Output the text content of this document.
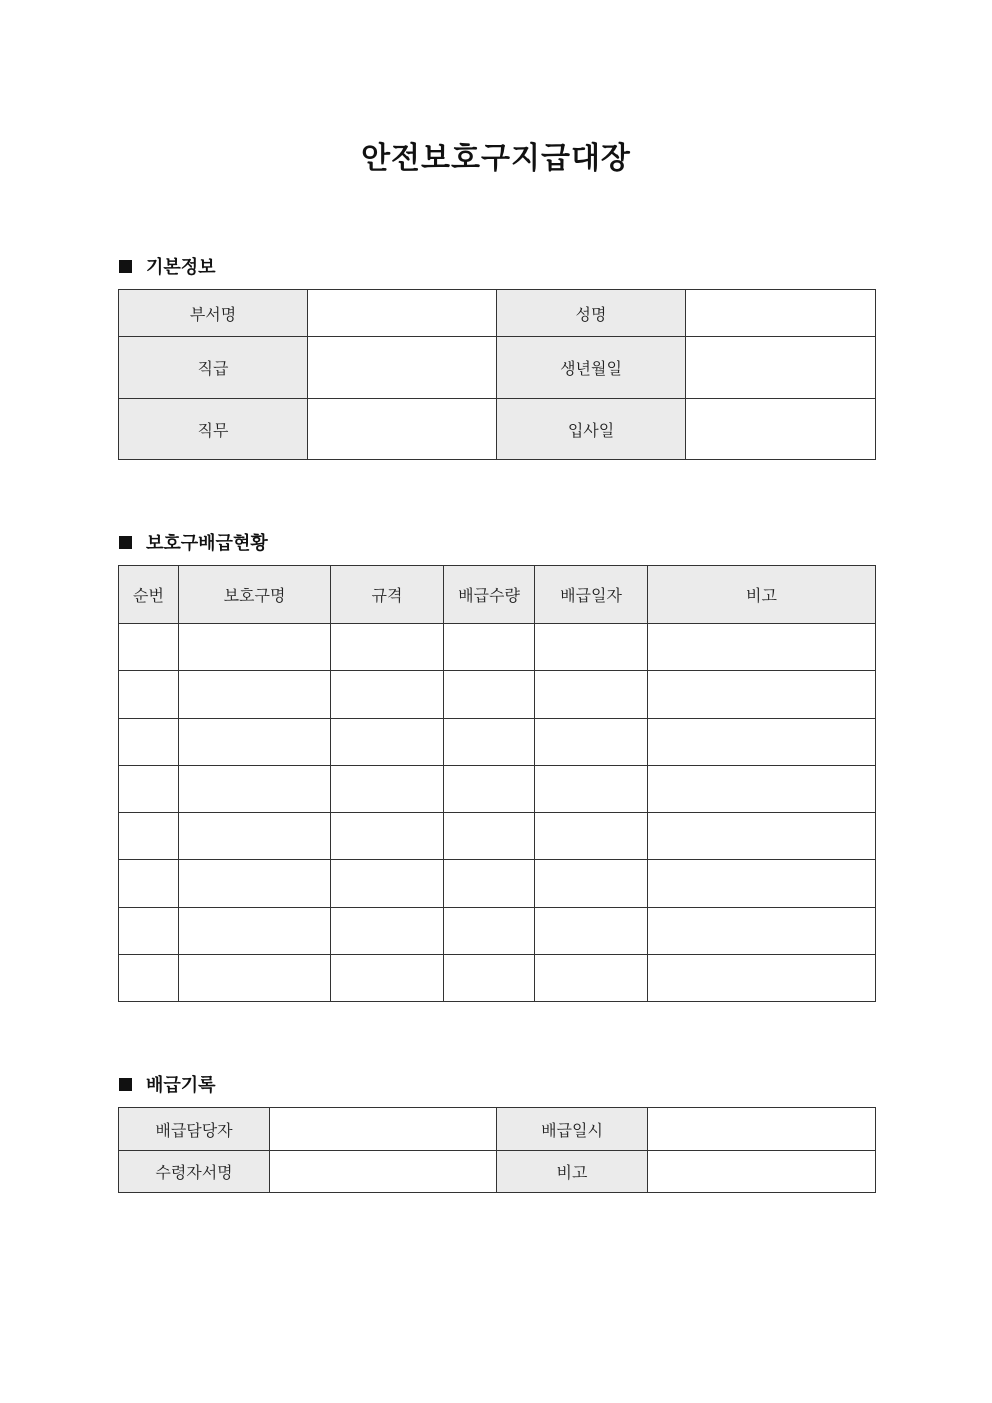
안전보호구지급대장
기본정보
부서명		성명	
직급		생년월일	
직무		입사일	
보호구배급현황
순번	보호구명	규격	배급수량	배급일자	비고

배급기록
배급담당자		배급일시	
수령자서명		비고	
